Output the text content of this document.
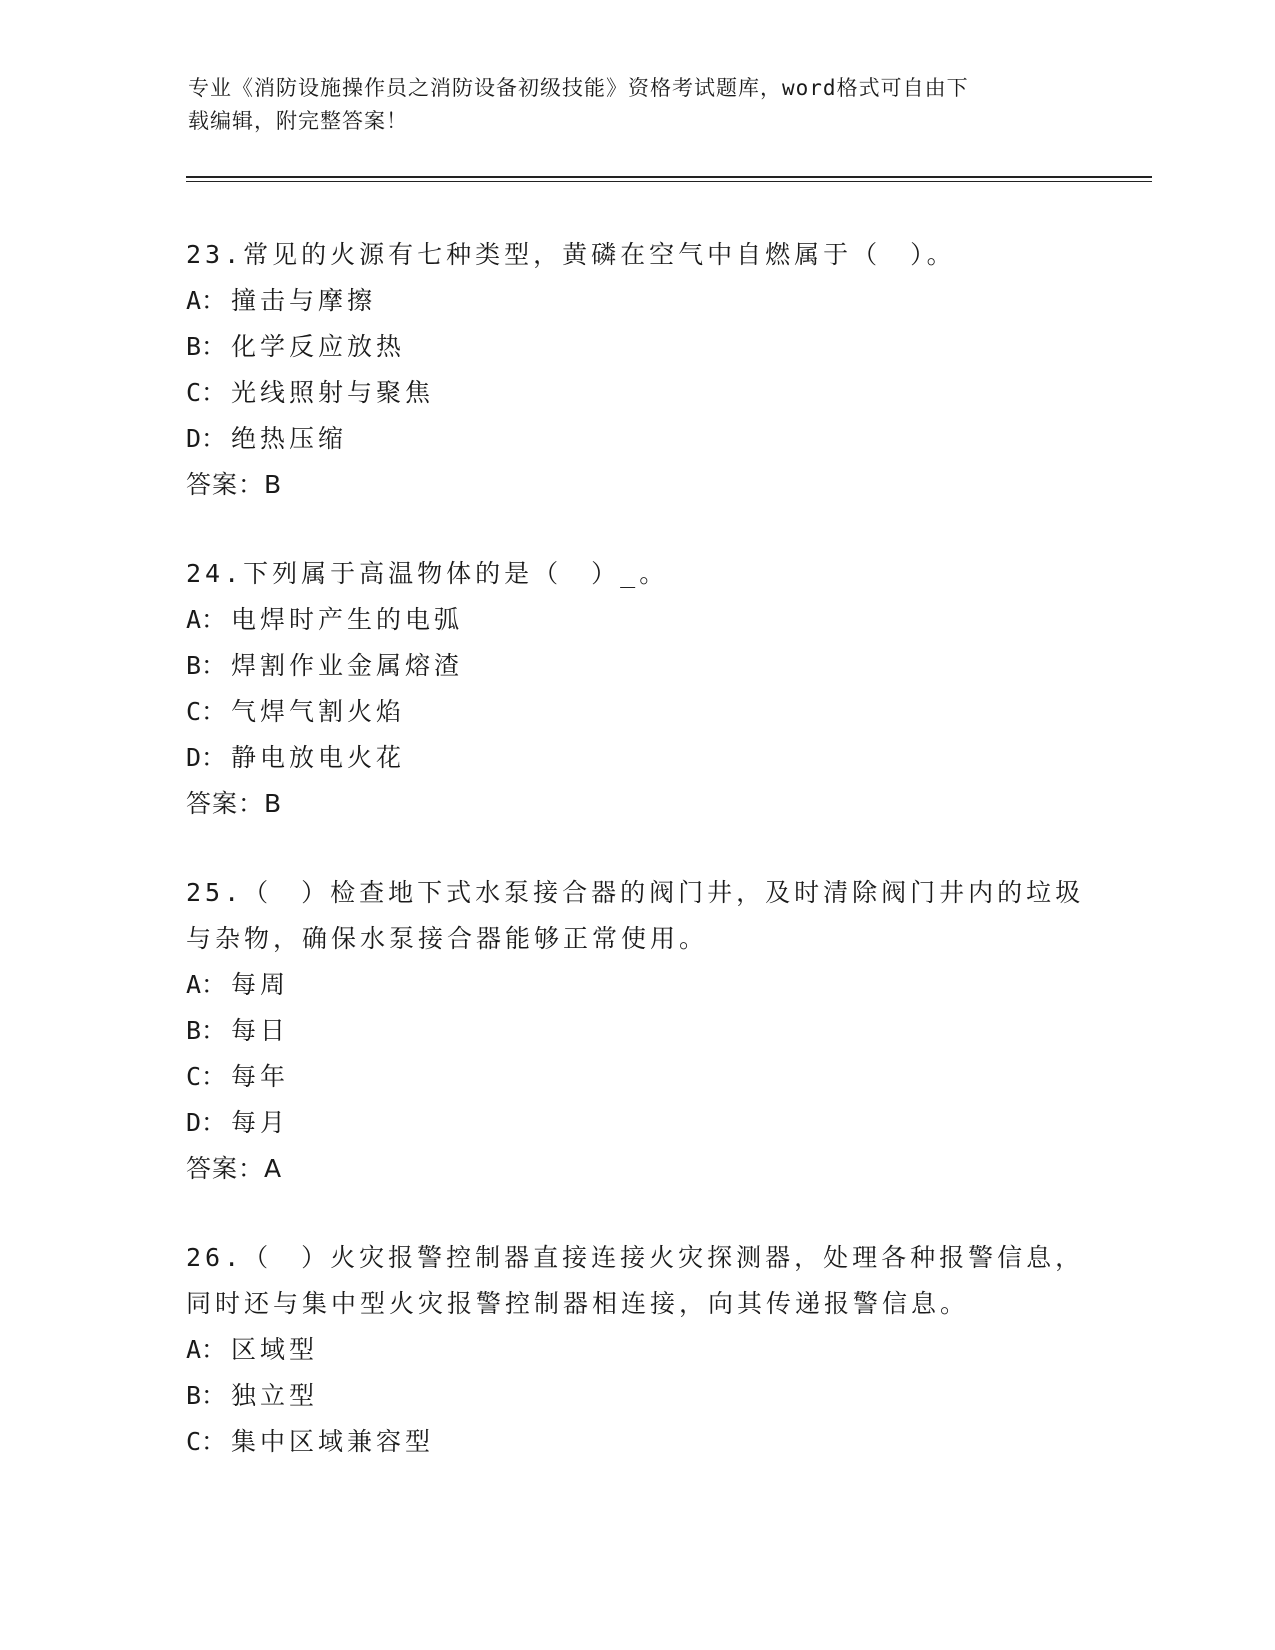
专业《消防设施操作员之消防设备初级技能》资格考试题库，word格式可自由下
载编辑，附完整答案！
23.常见的火源有七种类型，黄磷在空气中自燃属于（　）。
A： 撞击与摩擦
B： 化学反应放热
C： 光线照射与聚焦
D： 绝热压缩
答案：B
24.下列属于高温物体的是（　）_。
A： 电焊时产生的电弧
B： 焊割作业金属熔渣
C： 气焊气割火焰
D： 静电放电火花
答案：B
25.（　）检查地下式水泵接合器的阀门井，及时清除阀门井内的垃圾与杂物，确保水泵接合器能够正常使用。
A： 每周
B： 每日
C： 每年
D： 每月
答案：A
26.（　）火灾报警控制器直接连接火灾探测器，处理各种报警信息，同时还与集中型火灾报警控制器相连接，向其传递报警信息。
A： 区域型
B： 独立型
C： 集中区域兼容型
